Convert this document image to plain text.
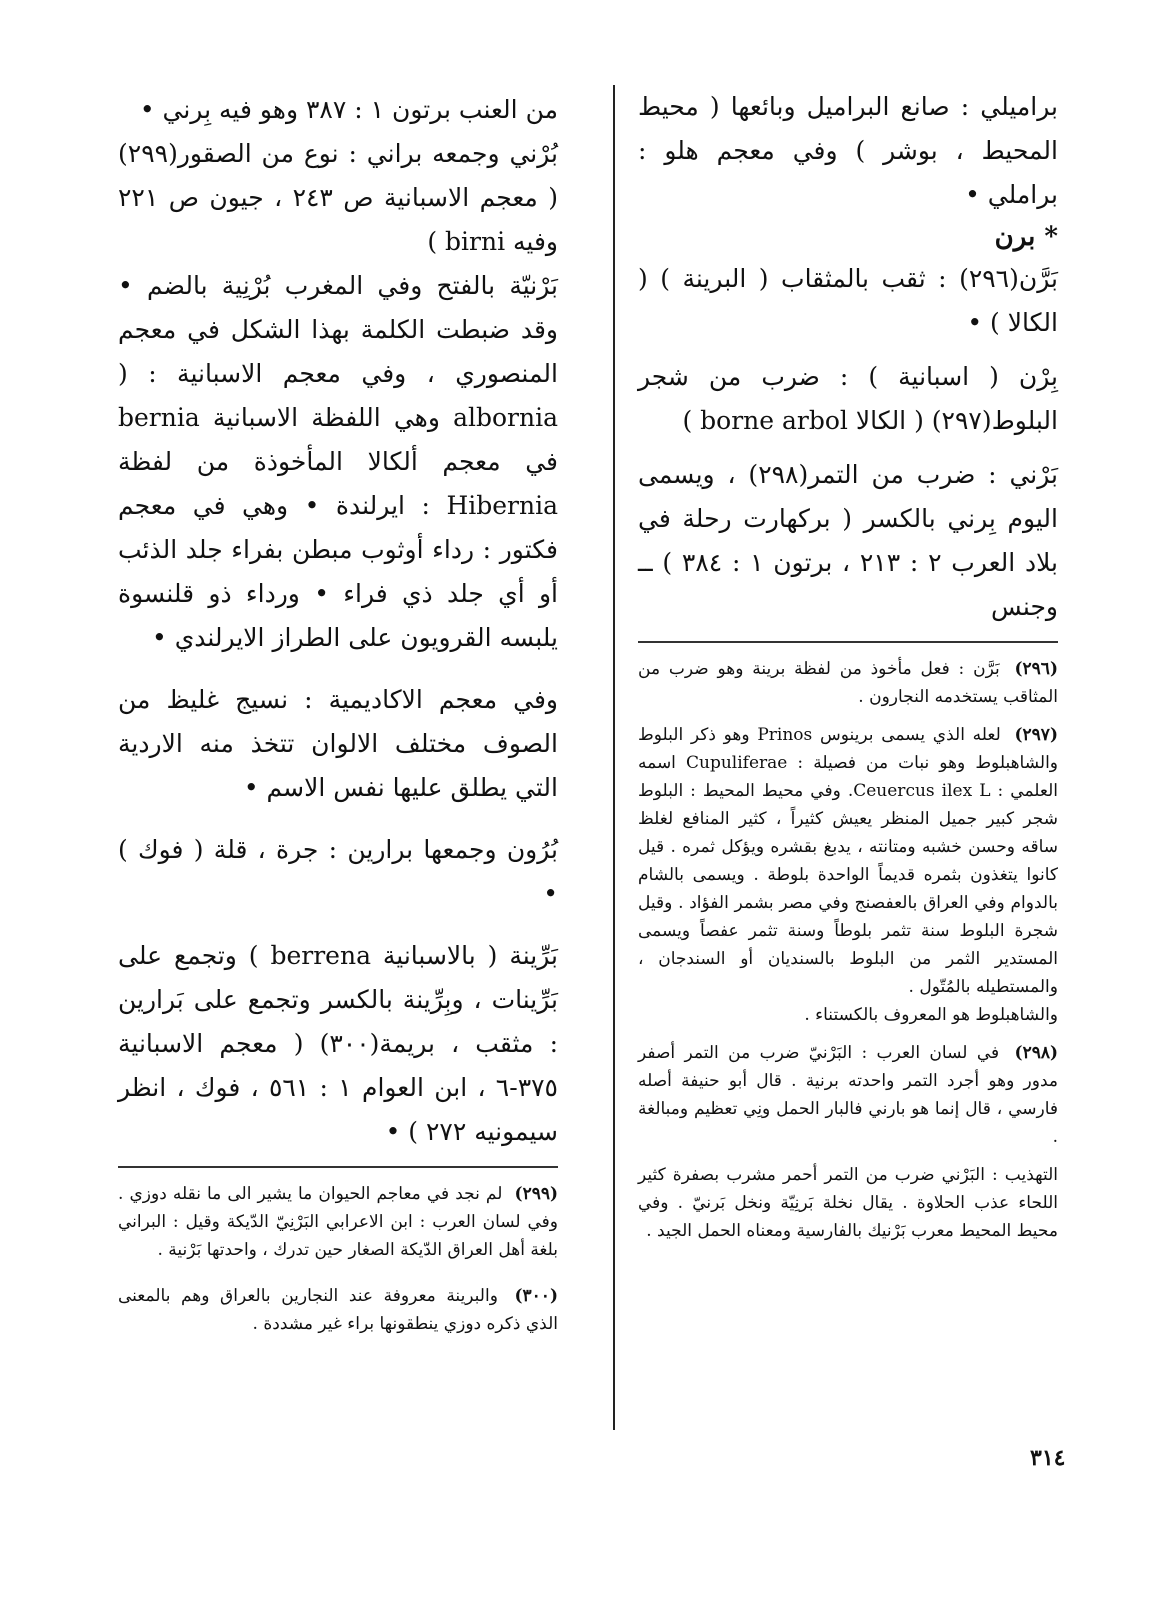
براميلي : صانع البراميل وبائعها ( محيط المحيط ، بوشر ) وفي معجم هلو : براملي •

* برن

بَرَّن(٢٩٦) : ثقب بالمثقاب ( البرينة ) ( الكالا ) •

بِرْن ( اسبانية ) : ضرب من شجر البلوط(٢٩٧) ( الكالا borne arbol )

بَرْني : ضرب من التمر(٢٩٨) ، ويسمى اليوم بِرني بالكسر ( بركهارت رحلة في بلاد العرب ٢ : ٢١٣ ، برتون ١ : ٣٨٤ ) ــ وجنس

(٢٩٦) بَرَّن : فعل مأخوذ من لفظة برينة وهو ضرب من المثاقب يستخدمه النجارون .

(٢٩٧) لعله الذي يسمى برينوس Prinos وهو ذكر البلوط والشاهبلوط وهو نبات من فصيلة : Cupuliferae اسمه العلمي : Ceuercus ilex L. وفي محيط المحيط : البلوط شجر كبير جميل المنظر يعيش كثيراً ، كثير المنافع لغلظ ساقه وحسن خشبه ومتانته ، يدبغ بقشره ويؤكل ثمره . قيل كانوا يتغذون بثمره قديماً الواحدة بلوطة . ويسمى بالشام بالدوام وفي العراق بالعفصنج وفي مصر بشمر الفؤاد . وقيل شجرة البلوط سنة تثمر بلوطاً وسنة تثمر عفصاً ويسمى المستدير الثمر من البلوط بالسنديان أو السندجان ، والمستطيله بالمُتّول .

والشاهبلوط هو المعروف بالكستناء .

(٢٩٨) في لسان العرب : البَرْنيّ ضرب من التمر أصفر مدور وهو أجرد التمر واحدته برنية . قال أبو حنيفة أصله فارسي ، قال إنما هو بارني فالبار الحمل ونِي تعظيم ومبالغة .

التهذيب : البَرْني ضرب من التمر أحمر مشرب بصفرة كثير اللحاء عذب الحلاوة . يقال نخلة بَرنِيّة ونخل بَرنيّ . وفي محيط المحيط معرب بَرْنيك بالفارسية ومعناه الحمل الجيد .

من العنب برتون ١ : ٣٨٧ وهو فيه بِرني •

بُرْني وجمعه براني : نوع من الصقور(٢٩٩) ( معجم الاسبانية ص ٢٤٣ ، جيون ص ٢٢١ وفيه birni )

بَرْنيّة بالفتح وفي المغرب بُرْنِية بالضم • وقد ضبطت الكلمة بهذا الشكل في معجم المنصوري ، وفي معجم الاسبانية : ( albornia وهي اللفظة الاسبانية bernia في معجم ألكالا المأخوذة من لفظة Hibernia : ايرلندة • وهي في معجم فكتور : رداء أوثوب مبطن بفراء جلد الذئب أو أي جلد ذي فراء • ورداء ذو قلنسوة يلبسه القرويون على الطراز الايرلندي •

وفي معجم الاكاديمية : نسيج غليظ من الصوف مختلف الالوان تتخذ منه الاردية التي يطلق عليها نفس الاسم •

بُرُون وجمعها برارين : جرة ، قلة ( فوك ) •

بَرِّينة ( بالاسبانية berrena ) وتجمع على بَرِّينات ، وبِرِّينة بالكسر وتجمع على بَرارين : مثقب ، بريمة(٣٠٠) ( معجم الاسبانية ٣٧٥-٦ ، ابن العوام ١ : ٥٦١ ، فوك ، انظر سيمونيه ٢٧٢ ) •

(٢٩٩) لم نجد في معاجم الحيوان ما يشير الى ما نقله دوزي . وفي لسان العرب : ابن الاعرابي البَرْنِيّ الدّيكة وقيل : البراني بلغة أهل العراق الدّيكة الصغار حين تدرك ، واحدتها بَرْنية .

(٣٠٠) والبرينة معروفة عند النجارين بالعراق وهم بالمعنى الذي ذكره دوزي ينطقونها براء غير مشددة .

٣١٤
